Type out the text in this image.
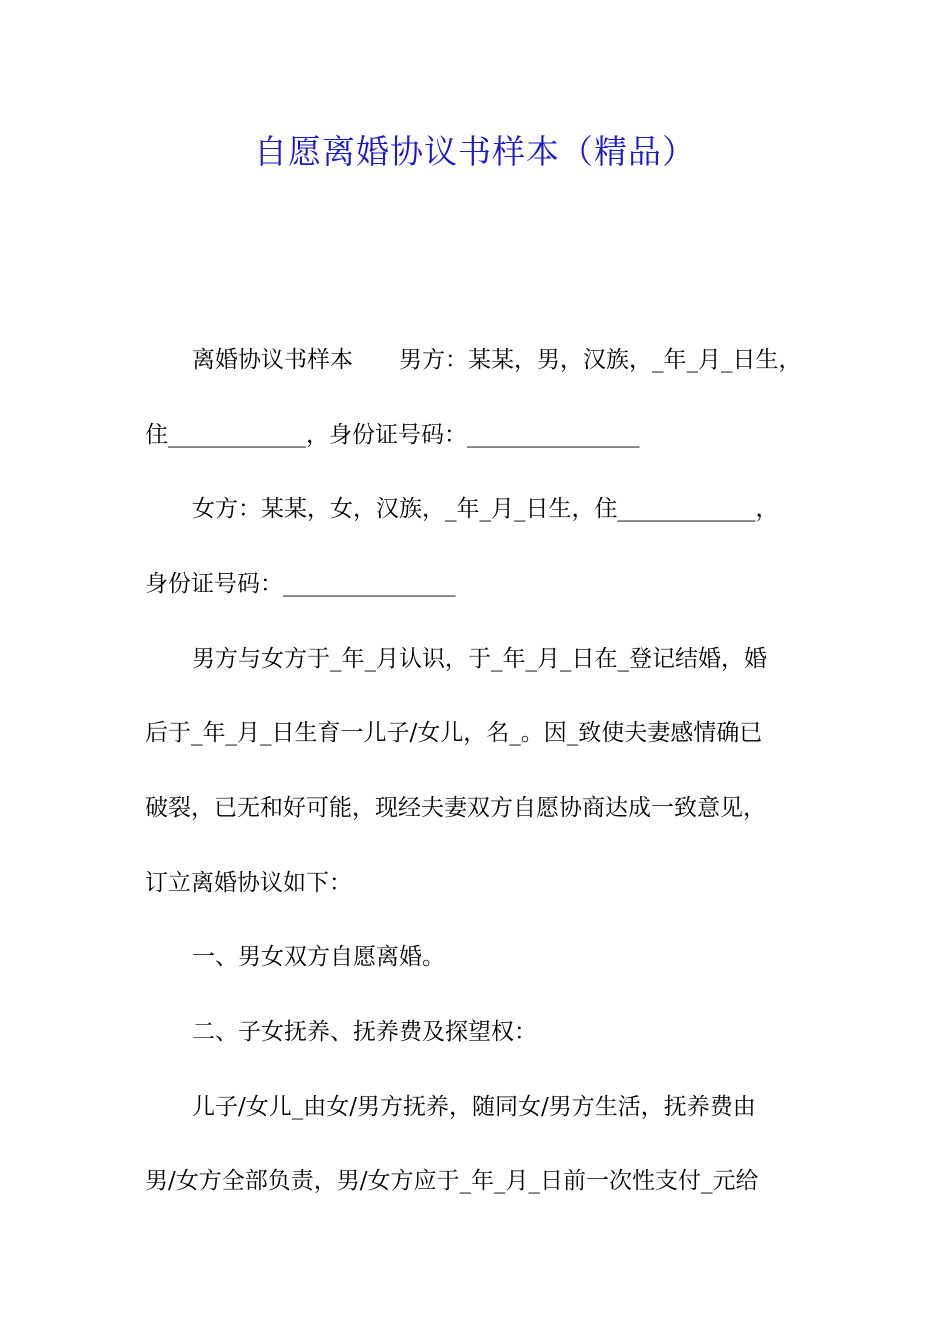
自愿离婚协议书样本（精品）

离婚协议书样本　　男方：某某，男，汉族，_年_月_日生，

住____________，身份证号码：_______________

女方：某某，女，汉族，_年_月_日生，住____________，

身份证号码：_______________

男方与女方于_年_月认识，于_年_月_日在_登记结婚，婚

后于_年_月_日生育一儿子/女儿，名_。因_致使夫妻感情确已

破裂，已无和好可能，现经夫妻双方自愿协商达成一致意见，

订立离婚协议如下：

一、男女双方自愿离婚。

二、子女抚养、抚养费及探望权：

儿子/女儿_由女/男方抚养，随同女/男方生活，抚养费由

男/女方全部负责，男/女方应于_年_月_日前一次性支付_元给
